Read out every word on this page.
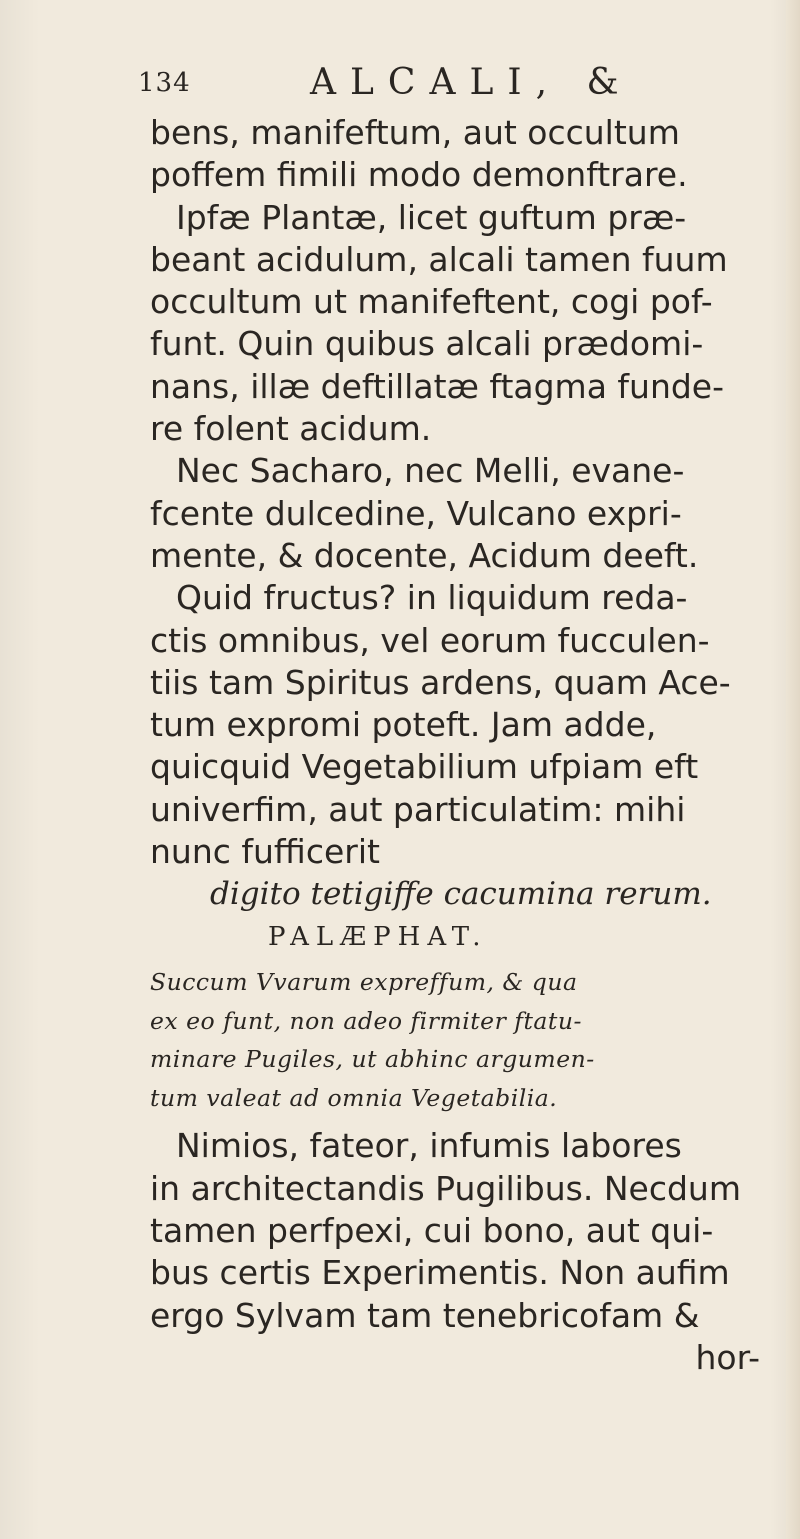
134	ALCALI, &
bens, manifeftum, aut occultum
poffem fimili modo demonftrare.
Ipfæ Plantæ, licet guftum præ-
beant acidulum, alcali tamen fuum
occultum ut manifeftent, cogi pof-
funt. Quin quibus alcali prædomi-
nans, illæ deftillatæ ftagma funde-
re folent acidum.
Nec Sacharo, nec Melli, evane-
fcente dulcedine, Vulcano expri-
mente, & docente, Acidum deeft.
Quid fructus? in liquidum reda-
ctis omnibus, vel eorum fucculen-
tiis tam Spiritus ardens, quam Ace-
tum expromi poteft. Jam adde,
quicquid Vegetabilium ufpiam eft
univerfim, aut particulatim: mihi
nunc fufficerit
digito tetigiffe cacumina rerum.
PALÆPHAT.
Succum Vvarum expreffum, & qua
ex eo funt, non adeo firmiter ftatu-
minare Pugiles, ut abhinc argumen-
tum valeat ad omnia Vegetabilia.
Nimios, fateor, infumis labores
in architectandis Pugilibus. Necdum
tamen perfpexi, cui bono, aut qui-
bus certis Experimentis. Non aufim
ergo Sylvam tam tenebricofam &
hor-
